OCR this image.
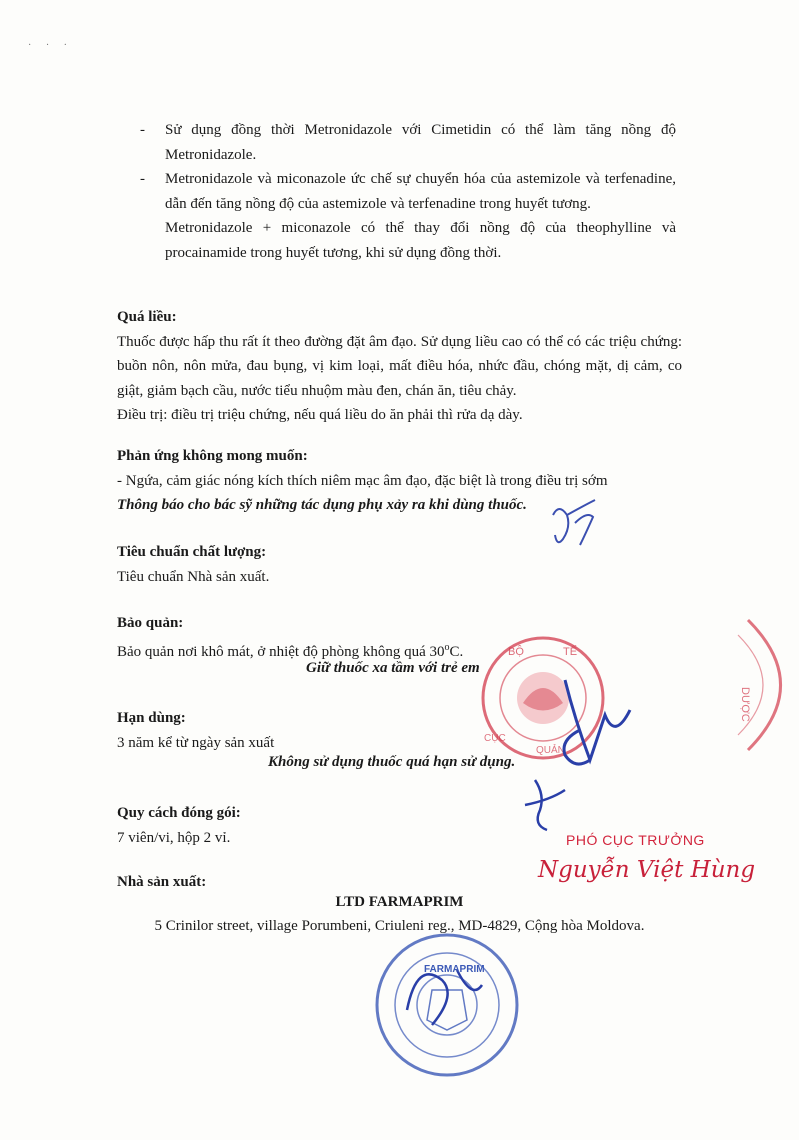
· · ·
- Sử dụng đồng thời Metronidazole với Cimetidin có thể làm tăng nồng độ Metronidazole.
- Metronidazole và miconazole ức chế sự chuyển hóa của astemizole và terfenadine, dẫn đến tăng nồng độ của astemizole và terfenadine trong huyết tương.
Metronidazole + miconazole có thể thay đổi nồng độ của theophylline và procainamide trong huyết tương, khi sử dụng đồng thời.
Quá liều:

Thuốc được hấp thu rất ít theo đường đặt âm đạo. Sử dụng liều cao có thể có các triệu chứng: buồn nôn, nôn mửa, đau bụng, vị kim loại, mất điều hóa, nhức đầu, chóng mặt, dị cảm, co giật, giảm bạch cầu, nước tiểu nhuộm màu đen, chán ăn, tiêu chảy.

Điều trị: điều trị triệu chứng, nếu quá liều do ăn phải thì rửa dạ dày.

Phản ứng không mong muốn:

- Ngứa, cảm giác nóng kích thích niêm mạc âm đạo, đặc biệt là trong điều trị sớm

Thông báo cho bác sỹ những tác dụng phụ xảy ra khi dùng thuốc.

Tiêu chuẩn chất lượng:

Tiêu chuẩn Nhà sản xuất.

Bảo quản:

Bảo quản nơi khô mát, ở nhiệt độ phòng không quá 30$^o$C.

Giữ thuốc xa tầm với trẻ em
Hạn dùng:

3 năm kể từ ngày sản xuất

Không sử dụng thuốc quá hạn sử dụng.
Quy cách đóng gói:

7 viên/vi, hộp 2 vỉ.

Nhà sản xuất:
LTD FARMAPRIM
5 Crinilor street, village Porumbeni, Criuleni reg., MD-4829, Cộng hòa Moldova.
BỘ	TẾ
CỤC
QUẢN
DƯỢC
PHÓ CỤC TRƯỞNG
Nguyễn Việt Hùng
FARMAPRIM
